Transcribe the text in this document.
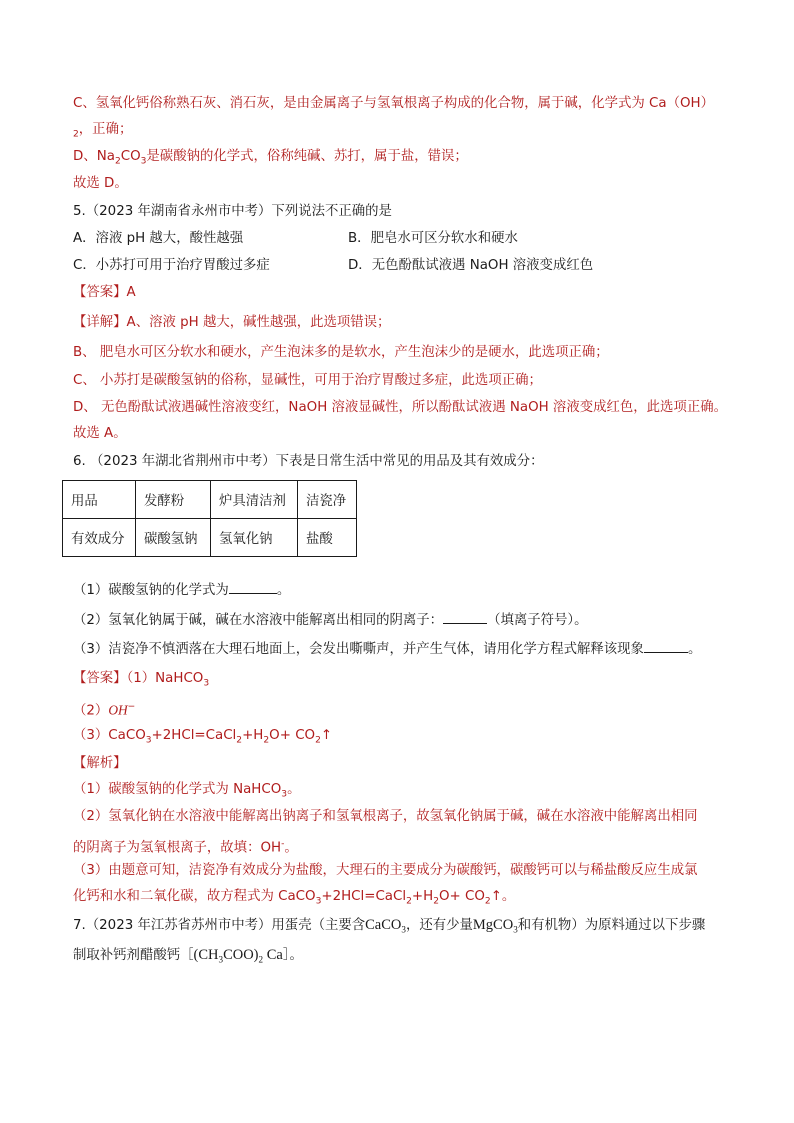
C、氢氧化钙俗称熟石灰、消石灰，是由金属离子与氢氧根离子构成的化合物，属于碱，化学式为 Ca（OH）
$_2$，正确；
D、$Na_2CO_3$是碳酸钠的化学式，俗称纯碱、苏打，属于盐，错误；
故选 D。
5.（2023 年湖南省永州市中考）下列说法不正确的是
A．溶液 pH 越大，酸性越强	B．肥皂水可区分软水和硬水
C．小苏打可用于治疗胃酸过多症	D．无色酚酞试液遇 NaOH 溶液变成红色
【答案】A
【详解】A、溶液 pH 越大，碱性越强，此选项错误；
B、 肥皂水可区分软水和硬水，产生泡沫多的是软水，产生泡沫少的是硬水，此选项正确；
C、 小苏打是碳酸氢钠的俗称，显碱性，可用于治疗胃酸过多症，此选项正确；
D、 无色酚酞试液遇碱性溶液变红，NaOH 溶液显碱性，所以酚酞试液遇 NaOH 溶液变成红色，此选项正确。
故选 A。
6. （2023 年湖北省荆州市中考）下表是日常生活中常见的用品及其有效成分：
用品	发酵粉	炉具清洁剂	洁瓷净
有效成分	碳酸氢钠	氢氧化钠	盐酸
（1）碳酸氢钠的化学式为	。
（2）氢氧化钠属于碱，碱在水溶液中能解离出相同的阴离子：	（填离子符号）。
（3）洁瓷净不慎洒落在大理石地面上，会发出嘶嘶声，并产生气体，请用化学方程式解释该现象	。
【答案】（1）NaHCO$_3$
（2）OH−
$(3)CaCO_3+2HCl=CaCl_2+H_2O+$ $CO_2↑$
【解析】
（1）碳酸氢钠的化学式为 NaHCO$_3$。
（2）氢氧化钠在水溶液中能解离出钠离子和氢氧根离子，故氢氧化钠属于碱，碱在水溶液中能解离出相同
的阴离子为氢氧根离子，故填：OH-。
（3）由题意可知，洁瓷净有效成分为盐酸，大理石的主要成分为碳酸钙，碳酸钙可以与稀盐酸反应生成氯
化钙和水和二氧化碳，故方程式为 $CaCO_3+2HCl=CaCl_2+H_2O+$ $CO_2↑$。
7.（2023 年江苏省苏州市中考）用蛋壳（主要含CaCO$_3$，还有少量MgCO$_3$和有机物）为原料通过以下步骤
制取补钙剂醋酸钙$[(CH_3COO)_2$ Ca］。
